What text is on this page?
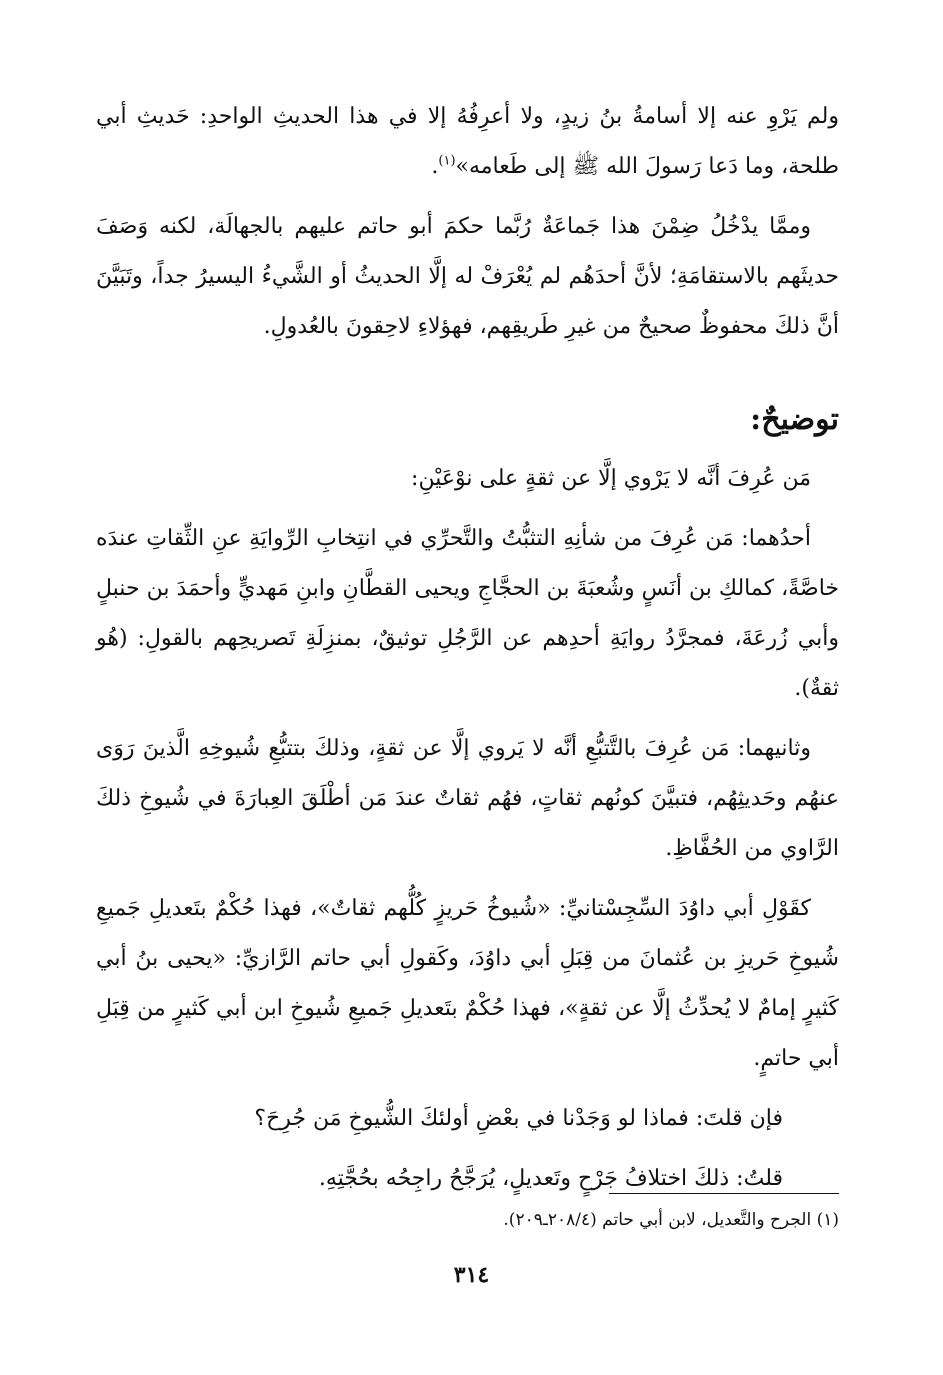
ولم يَرْوِ عنه إلا أسامةُ بنُ زيدٍ، ولا أعرِفُهُ إلا في هذا الحديثِ الواحدِ: حَديثِ أبي طلحة، وما دَعا رَسولَ الله ﷺ إلى طَعامه»$^{(١)}$.

وممَّا يدْخُلُ ضِمْنَ هذا جَماعَةٌ رُبَّما حكمَ أبو حاتم عليهم بالجهالَة، لكنه وَصَفَ حديثَهم بالاستقامَةِ؛ لأنَّ أحدَهُم لم يُعْرَفْ له إلَّا الحديثُ أو الشَّيءُ اليسيرُ جداً، وتَبَيَّنَ أنَّ ذلكَ محفوظٌ صحيحٌ من غيرِ طَريقِهم، فهؤلاءِ لاحِقونَ بالعُدولِ.

توضيحٌ:

مَن عُرِفَ أنَّه لا يَرْوي إلَّا عن ثقةٍ على نوْعَيْنِ:

أحدُهما: مَن عُرِفَ من شأنِهِ التثبُّتُ والتَّحرِّي في انتِخابِ الرِّوايَةِ عنِ الثِّقاتِ عندَه خاصَّةً، كمالكِ بن أنَسٍ وشُعبَةَ بن الحجَّاجِ ويحيى القطَّانِ وابنِ مَهديٍّ وأحمَدَ بن حنبلٍ وأبي زُرعَةَ، فمجرَّدُ روايَةِ أحدِهم عن الرَّجُلِ توثيقٌ، بمنزِلَةِ تَصريحِهم بالقولِ: (هُو ثقةٌ).

وثانيهما: مَن عُرِفَ بالتَّتبُّعِ أنَّه لا يَروي إلَّا عن ثقةٍ، وذلكَ بتتبُّعِ شُيوخِهِ الَّذينَ رَوَى عنهُم وحَديثِهُم، فتبيَّنَ كونُهم ثقاتٍ، فهُم ثقاتٌ عندَ مَن أطْلَقَ العِبارَةَ في شُيوخِ ذلكَ الرَّاوي من الحُفَّاظِ.

كقَوْلِ أبي داوُدَ السِّجِسْتانيِّ: «شُيوخُ حَريزٍ كُلُّهم ثقاتٌ»، فهذا حُكْمٌ بتَعديلِ جَميعِ شُيوخِ حَريزِ بن عُثمانَ من قِبَلِ أبي داوُدَ، وكَقولِ أبي حاتم الرَّازيِّ: «يحيى بنُ أبي كَثيرٍ إمامٌ لا يُحدِّثُ إلَّا عن ثقةٍ»، فهذا حُكْمٌ بتَعديلِ جَميعِ شُيوخِ ابن أبي كَثيرٍ من قِبَلِ أبي حاتمٍ.

فإن قلتَ: فماذا لو وَجَدْنا في بعْضِ أولئكَ الشُّيوخِ مَن جُرِحَ؟

قلتُ: ذلكَ اختلافُ جَرْحٍ وتَعديلٍ، يُرَجَّحُ راجِحُه بحُجَّتِهِ.

(١) الجرح والتَّعديل، لابن أبي حاتم (٢٠٨/٤ـ٢٠٩).
٣١٤
